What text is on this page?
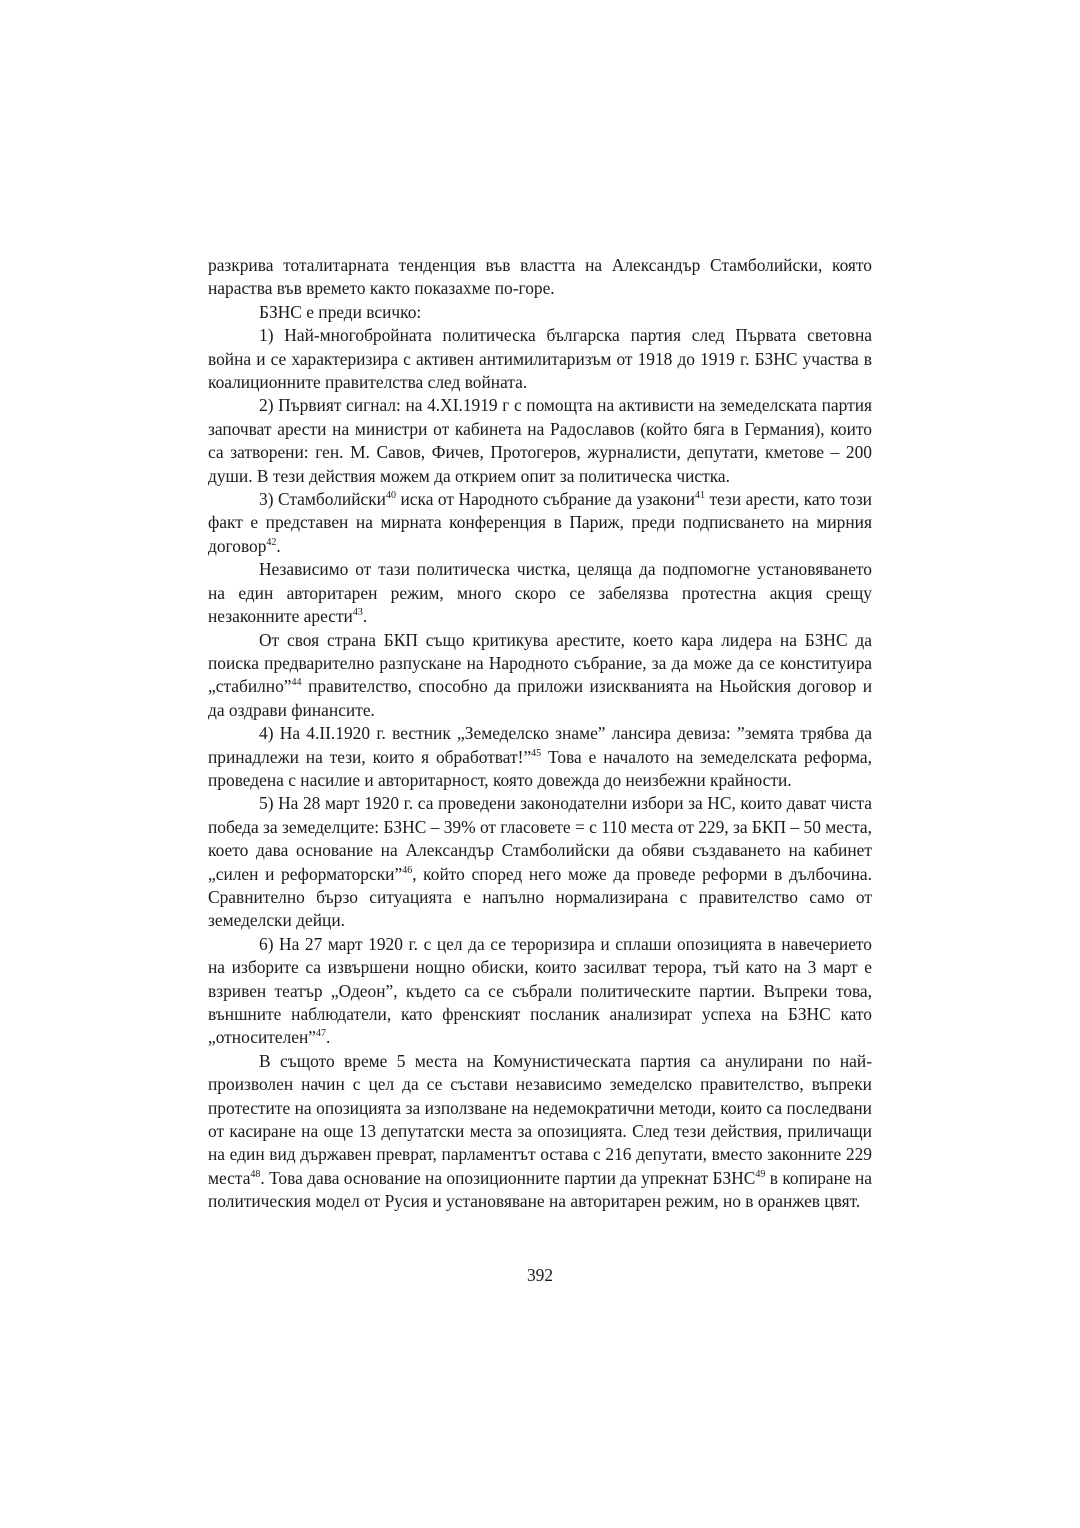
разкрива тоталитарната тенденция във властта на Александър Стамболийски, която нараства във времето както показахме по-горе.

БЗНС е преди всичко:

1) Най-многобройната политическа българска партия след Първата световна война и се характеризира с активен антимилитаризъм от 1918 до 1919 г. БЗНС участва в коалиционните правителства след войната.

2) Първият сигнал: на 4.XI.1919 г с помощта на активисти на земеделската партия започват арести на министри от кабинета на Радославов (който бяга в Германия), които са затворени: ген. М. Савов, Фичев, Протогеров, журналисти, депутати, кметове – 200 души. В тези действия можем да открием опит за политическа чистка.

3) Стамболийски$^{40}$ иска от Народното събрание да узакони$^{41}$ тези арести, като този факт е представен на мирната конференция в Париж, преди подписването на мирния договор$^{42}$.

Независимо от тази политическа чистка, целяща да подпомогне установяването на един авторитарен режим, много скоро се забелязва протестна акция срещу незаконните арести$^{43}$.

От своя страна БКП също критикува арестите, което кара лидера на БЗНС да поиска предварително разпускане на Народното събрание, за да може да се конституира „стабилно”$^{44}$ правителство, способно да приложи изискванията на Ньойския договор и да оздрави финансите.

4) На 4.II.1920 г. вестник „Земеделско знаме” лансира девиза: ”земята трябва да принадлежи на тези, които я обработват!”$^{45}$ Това е началото на земеделската реформа, проведена с насилие и авторитарност, която довежда до неизбежни крайности.

5) На 28 март 1920 г. са проведени законодателни избори за НС, които дават чиста победа за земеделците: БЗНС – 39% от гласовете = с 110 места от 229, за БКП – 50 места, което дава основание на Александър Стамболийски да обяви създаването на кабинет „силен и реформаторски”$^{46}$, който според него може да проведе реформи в дълбочина. Сравнително бързо ситуацията е напълно нормализирана с правителство само от земеделски дейци.

6) На 27 март 1920 г. с цел да се тероризира и сплаши опозицията в навечерието на изборите са извършени нощно обиски, които засилват терора, тъй като на 3 март е взривен театър „Одеон”, където са се събрали политическите партии. Въпреки това, външните наблюдатели, като френският посланик анализират успеха на БЗНС като „относителен”$^{47}$.

В същото време 5 места на Комунистическата партия са анулирани по най-произволен начин с цел да се състави независимо земеделско правителство, въпреки протестите на опозицията за използване на недемократични методи, които са последвани от касиране на още 13 депутатски места за опозицията. След тези действия, приличащи на един вид държавен преврат, парламентът остава с 216 депутати, вместо законните 229 места$^{48}$. Това дава основание на опозиционните партии да упрекнат БЗНС$^{49}$ в копиране на политическия модел от Русия и установяване на авторитарен режим, но в оранжев цвят.

392
